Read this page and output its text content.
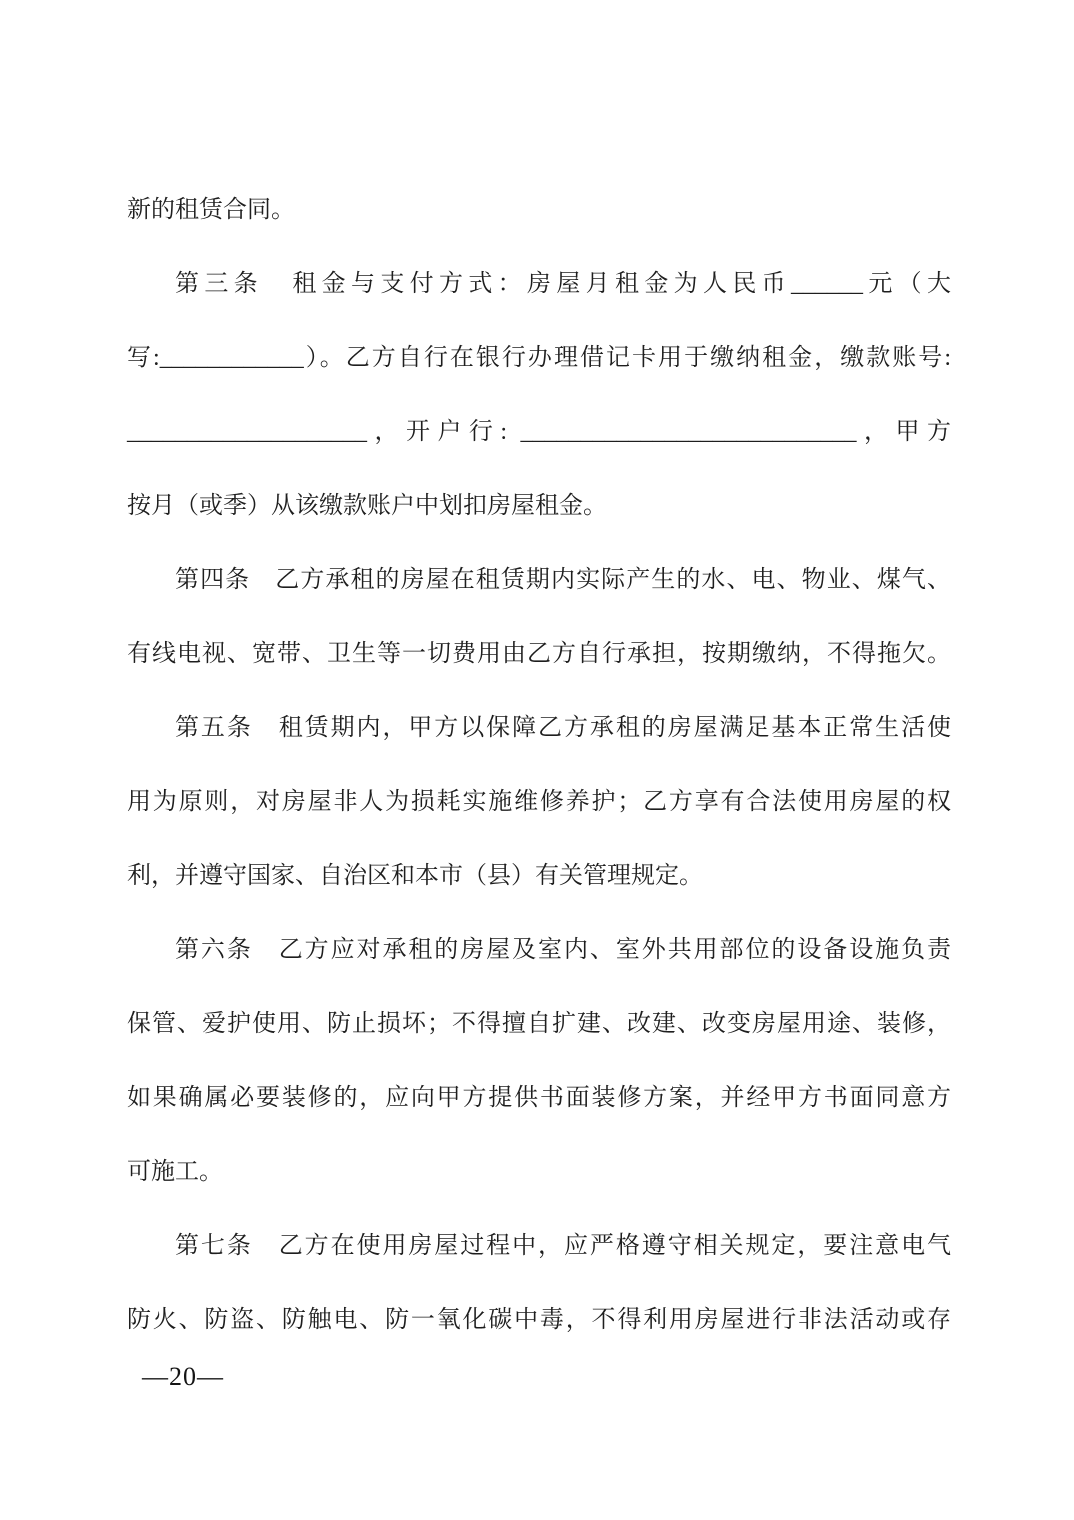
新的租赁合同。
第三条　租金与支付方式：房屋月租金为人民币______元（大
写:____________）。乙方自行在银行办理借记卡用于缴纳租金，缴款账号:
____________________，开户行: ____________________________，甲方
按月（或季）从该缴款账户中划扣房屋租金。
第四条　乙方承租的房屋在租赁期内实际产生的水、电、物业、煤气、
有线电视、宽带、卫生等一切费用由乙方自行承担，按期缴纳，不得拖欠。
第五条　租赁期内，甲方以保障乙方承租的房屋满足基本正常生活使
用为原则，对房屋非人为损耗实施维修养护；乙方享有合法使用房屋的权
利，并遵守国家、自治区和本市（县）有关管理规定。
第六条　乙方应对承租的房屋及室内、室外共用部位的设备设施负责
保管、爱护使用、防止损坏；不得擅自扩建、改建、改变房屋用途、装修，
如果确属必要装修的，应向甲方提供书面装修方案，并经甲方书面同意方
可施工。
第七条　乙方在使用房屋过程中，应严格遵守相关规定，要注意电气
防火、防盗、防触电、防一氧化碳中毒，不得利用房屋进行非法活动或存
—20—
